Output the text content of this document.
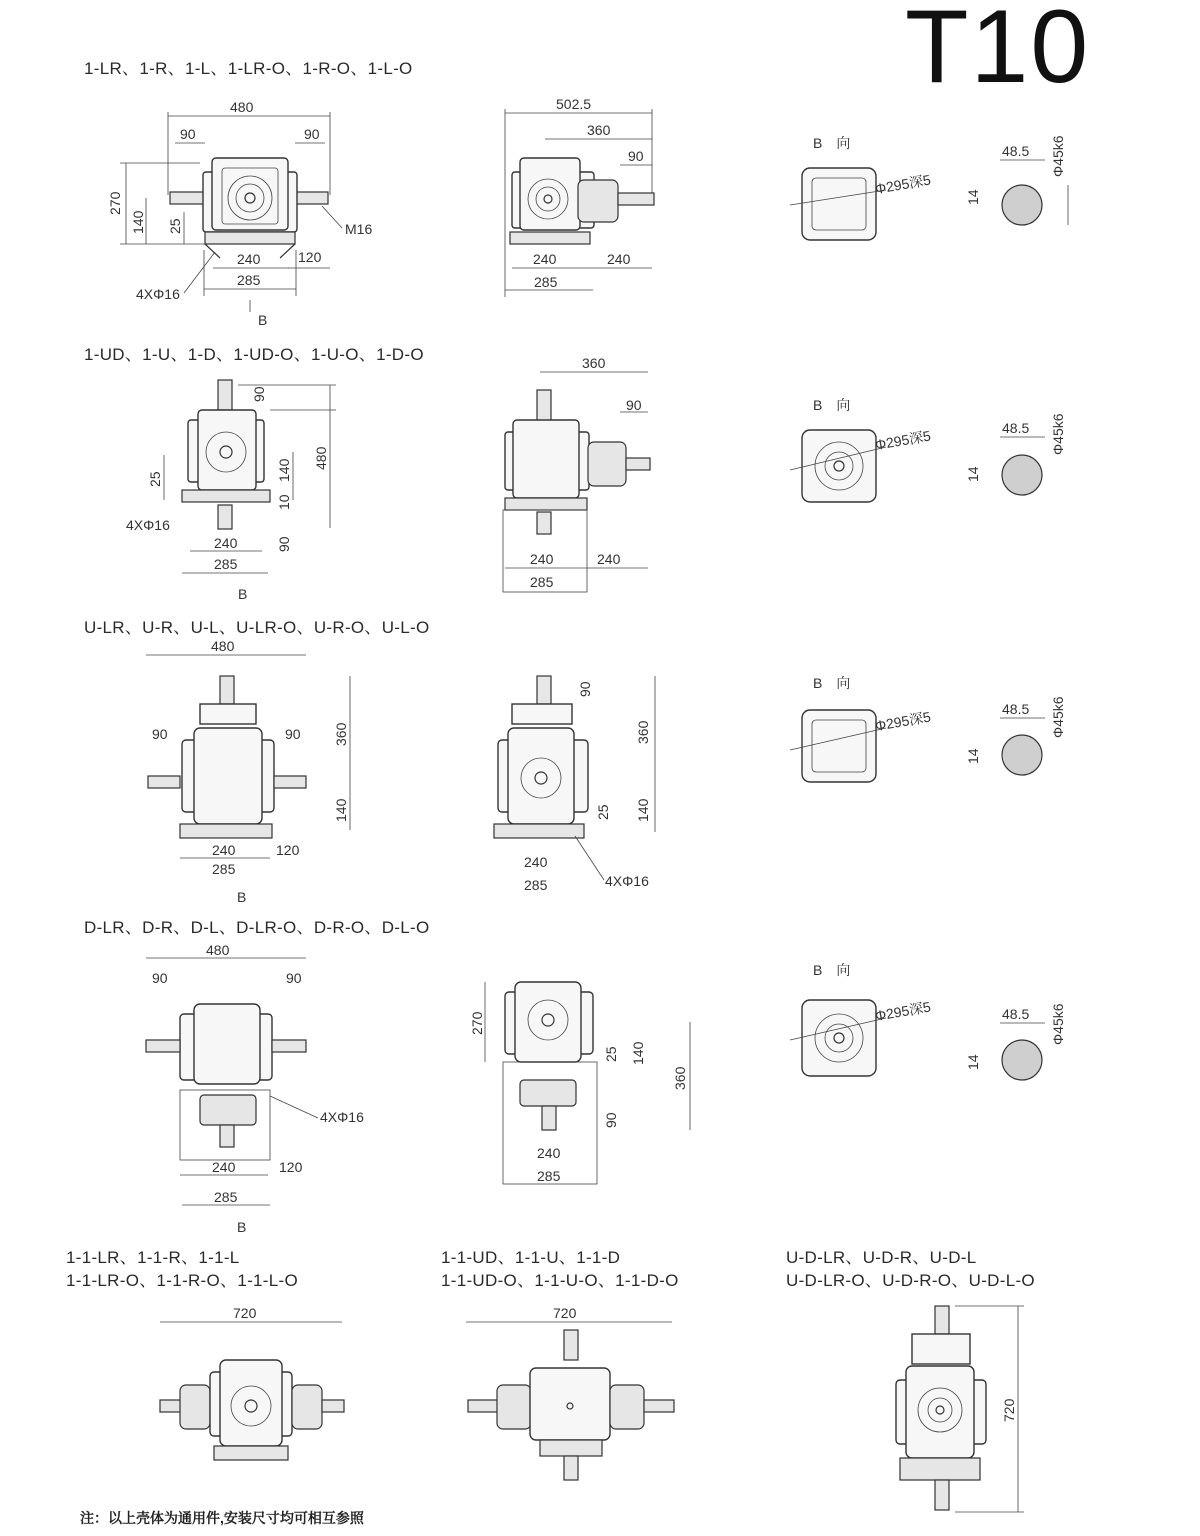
T10
1-LR、1-R、1-L、1-LR-O、1-R-O、1-L-O
1-UD、1-U、1-D、1-UD-O、1-U-O、1-D-O
U-LR、U-R、U-L、U-LR-O、U-R-O、U-L-O
D-LR、D-R、D-L、D-LR-O、D-R-O、D-L-O
1-1-LR、1-1-R、1-1-L
1-1-LR-O、1-1-R-O、1-1-L-O
1-1-UD、1-1-U、1-1-D
1-1-UD-O、1-1-U-O、1-1-D-O
U-D-LR、U-D-R、U-D-L
U-D-LR-O、U-D-R-O、U-D-L-O
注：以上壳体为通用件,安装尺寸均可相互参照
480
90	90
270
140 25
240
285
120
4XΦ16
M16
B
502.5
360
90
240	240
285
B　向
Φ295深5
48.5 Φ45k6
14
90
480
140
10
90
25
4XΦ16
240
285
B
360
90
240	240
285
B　向
Φ295深5	48.5 Φ45k6
14
480
90	90 360
140
240	120
285
B
360
140
90
25
240
285	4XΦ16
B　向
Φ295深5	48.5 Φ45k6
14
480
90	90
4XΦ16
240	120
285
B
270
360
140
25
90
240
285
B　向
Φ295深5	48.5 Φ45k6
14
720	720
720
